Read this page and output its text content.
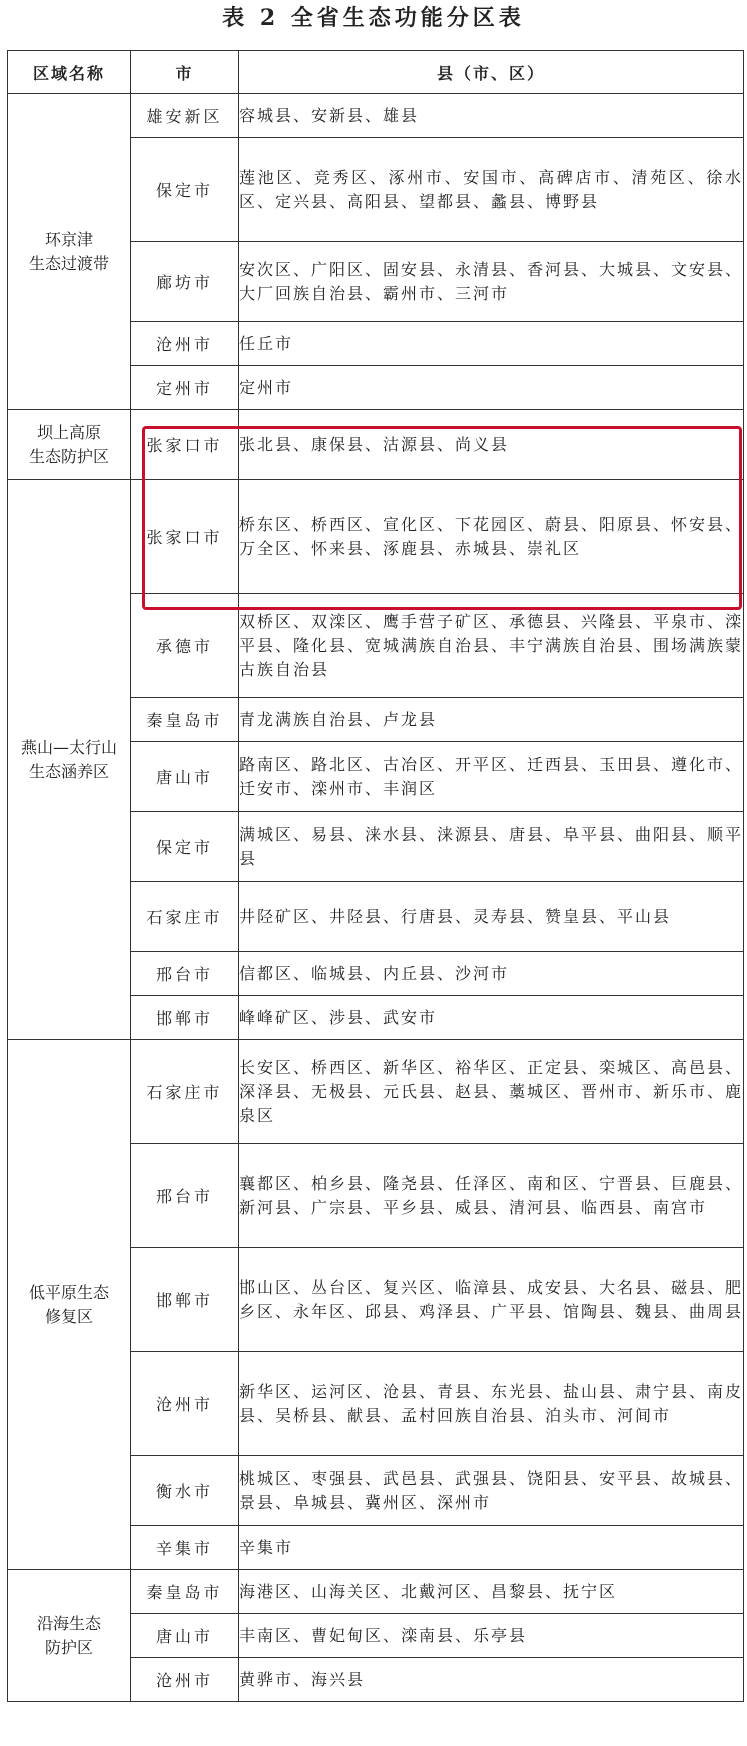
表 2 全省生态功能分区表
区域名称	市	县（市、区）

环京津
生态过渡带	雄安新区	容城县、安新县、雄县
	保定市	莲池区、竞秀区、涿州市、安国市、高碑店市、清苑区、徐水区、定兴县、高阳县、望都县、蠡县、博野县
	廊坊市	安次区、广阳区、固安县、永清县、香河县、大城县、文安县、大厂回族自治县、霸州市、三河市
	沧州市	任丘市
	定州市	定州市

坝上高原
生态防护区	张家口市	张北县、康保县、沽源县、尚义县

燕山—太行山
生态涵养区	张家口市	桥东区、桥西区、宣化区、下花园区、蔚县、阳原县、怀安县、万全区、怀来县、涿鹿县、赤城县、崇礼区
	承德市	双桥区、双滦区、鹰手营子矿区、承德县、兴隆县、平泉市、滦平县、隆化县、宽城满族自治县、丰宁满族自治县、围场满族蒙古族自治县
	秦皇岛市	青龙满族自治县、卢龙县
	唐山市	路南区、路北区、古冶区、开平区、迁西县、玉田县、遵化市、迁安市、滦州市、丰润区
	保定市	满城区、易县、涞水县、涞源县、唐县、阜平县、曲阳县、顺平县
	石家庄市	井陉矿区、井陉县、行唐县、灵寿县、赞皇县、平山县
	邢台市	信都区、临城县、内丘县、沙河市
	邯郸市	峰峰矿区、涉县、武安市

低平原生态
修复区	石家庄市	长安区、桥西区、新华区、裕华区、正定县、栾城区、高邑县、深泽县、无极县、元氏县、赵县、藁城区、晋州市、新乐市、鹿泉区
	邢台市	襄都区、柏乡县、隆尧县、任泽区、南和区、宁晋县、巨鹿县、新河县、广宗县、平乡县、威县、清河县、临西县、南宫市
	邯郸市	邯山区、丛台区、复兴区、临漳县、成安县、大名县、磁县、肥乡区、永年区、邱县、鸡泽县、广平县、馆陶县、魏县、曲周县
	沧州市	新华区、运河区、沧县、青县、东光县、盐山县、肃宁县、南皮县、吴桥县、献县、孟村回族自治县、泊头市、河间市
	衡水市	桃城区、枣强县、武邑县、武强县、饶阳县、安平县、故城县、景县、阜城县、冀州区、深州市
	辛集市	辛集市

沿海生态
防护区	秦皇岛市	海港区、山海关区、北戴河区、昌黎县、抚宁区
	唐山市	丰南区、曹妃甸区、滦南县、乐亭县
	沧州市	黄骅市、海兴县
